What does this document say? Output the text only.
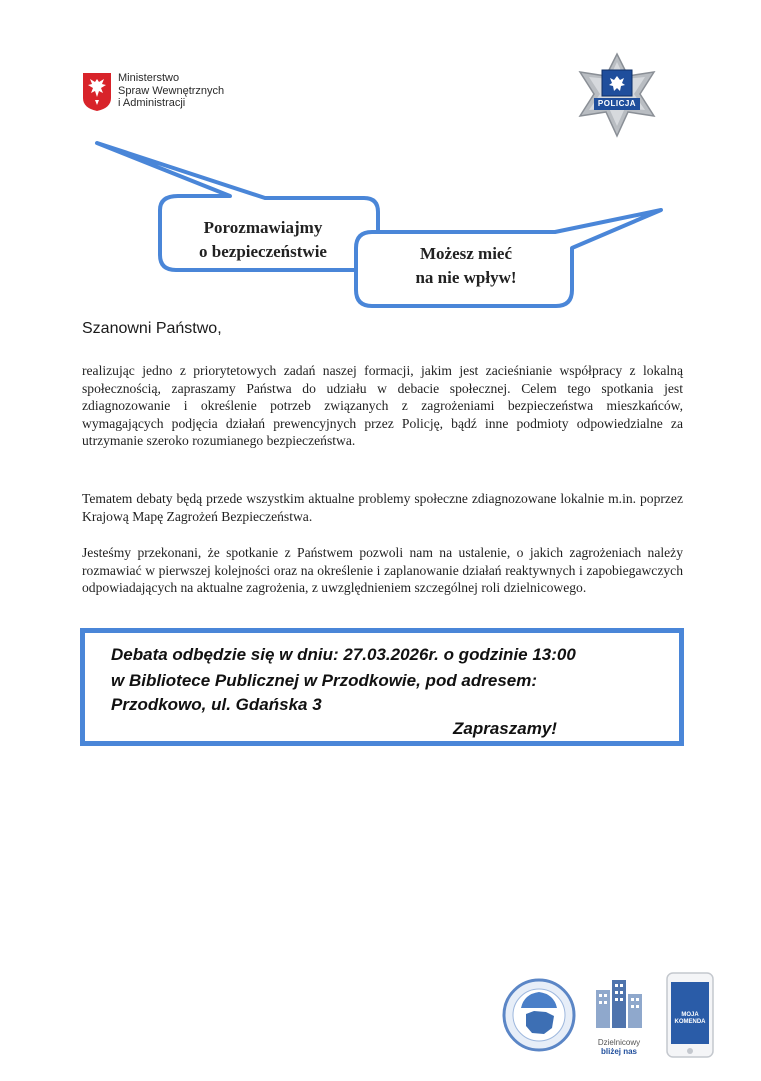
Ministerstwo
Spraw Wewnętrznych
i Administracji	POLICJA
Porozmawiajmy
o bezpieczeństwie	Możesz mieć
na nie wpływ!
Szanowni Państwo,
realizując jedno z priorytetowych zadań naszej formacji, jakim jest zacieśnianie współpracy z lokalną społecznością, zapraszamy Państwa do udziału w debacie społecznej. Celem tego spotkania jest zdiagnozowanie i określenie potrzeb związanych z zagrożeniami bezpieczeństwa mieszkańców, wymagających podjęcia działań prewencyjnych przez Policję, bądź inne podmioty odpowiedzialne za utrzymanie szeroko rozumianego bezpieczeństwa.
Tematem debaty będą przede wszystkim aktualne problemy społeczne zdiagnozowane lokalnie m.in. poprzez Krajową Mapę Zagrożeń Bezpieczeństwa.
Jesteśmy przekonani, że spotkanie z Państwem pozwoli nam na ustalenie, o jakich zagrożeniach należy rozmawiać w pierwszej kolejności oraz na określenie i zaplanowanie działań reaktywnych i zapobiegawczych odpowiadających na aktualne zagrożenia, z uwzględnieniem szczególnej roli dzielnicowego.
Debata odbędzie się w dniu: 27.03.2026r. o godzinie 13:00
w Bibliotece Publicznej w Przodkowie, pod adresem:
Przodkowo, ul. Gdańska 3
Zapraszamy!
Dzielnicowy
bliżej nas
MOJA
KOMENDA
